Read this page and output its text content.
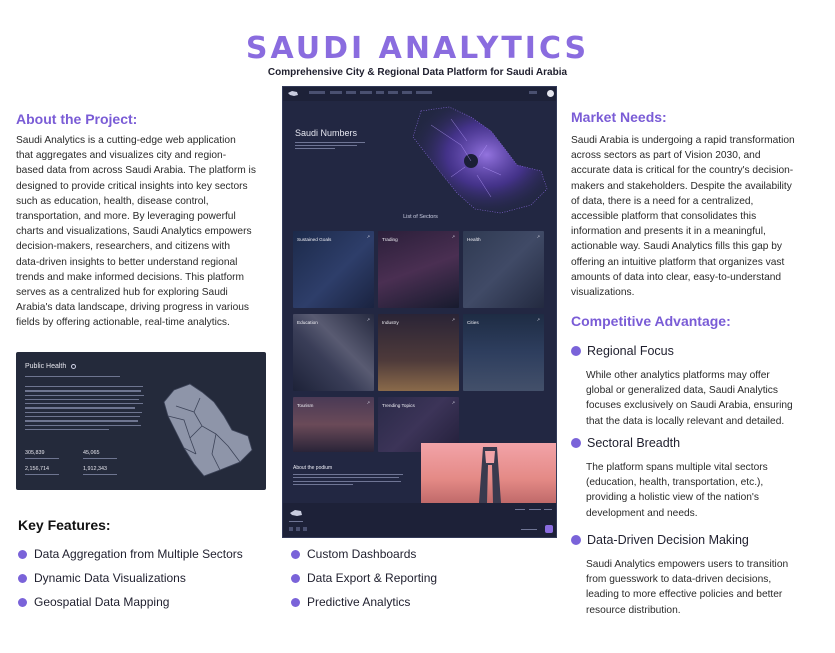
SAUDI ANALYTICS
Comprehensive City & Regional Data Platform for Saudi Arabia
About the Project:
Saudi Analytics is a cutting-edge web application
that aggregates and visualizes city and region-
based data from across Saudi Arabia. The platform is
designed to provide critical insights into key sectors
such as education, health, disease control,
transportation, and more. By leveraging powerful
charts and visualizations, Saudi Analytics empowers
decision-makers, researchers, and citizens with
data-driven insights to better understand regional
trends and make informed decisions. This platform
serves as a centralized hub for exploring Saudi
Arabia's data landscape, driving progress in various
fields by offering actionable, real-time analytics.
Public Health
305,839	45,065
2,156,714	1,912,343
Key Features:
Data Aggregation from Multiple Sectors
Dynamic Data Visualizations
Geospatial Data Mapping
Custom Dashboards
Data Export & Reporting
Predictive Analytics
Saudi Numbers
List of Sectors
Sustained Goals
↗
Trading
↗
Health
↗
Education
↗
Industry
↗
Cities
↗
Tourism
↗
Trending Topics
↗
About the podium
Market Needs:
Saudi Arabia is undergoing a rapid transformation
across sectors as part of Vision 2030, and
accurate data is critical for the country's decision-
makers and stakeholders. Despite the availability
of data, there is a need for a centralized,
accessible platform that consolidates this
information and presents it in a meaningful,
actionable way. Saudi Analytics fills this gap by
offering an intuitive platform that organizes vast
amounts of data into clear, easy-to-understand
visualizations.
Competitive Advantage:
Regional Focus
While other analytics platforms may offer
global or generalized data, Saudi Analytics
focuses exclusively on Saudi Arabia, ensuring
that the data is locally relevant and detailed.
Sectoral Breadth
The platform spans multiple vital sectors
(education, health, transportation, etc.),
providing a holistic view of the nation's
development and needs.
Data-Driven Decision Making
Saudi Analytics empowers users to transition
from guesswork to data-driven decisions,
leading to more effective policies and better
resource distribution.
